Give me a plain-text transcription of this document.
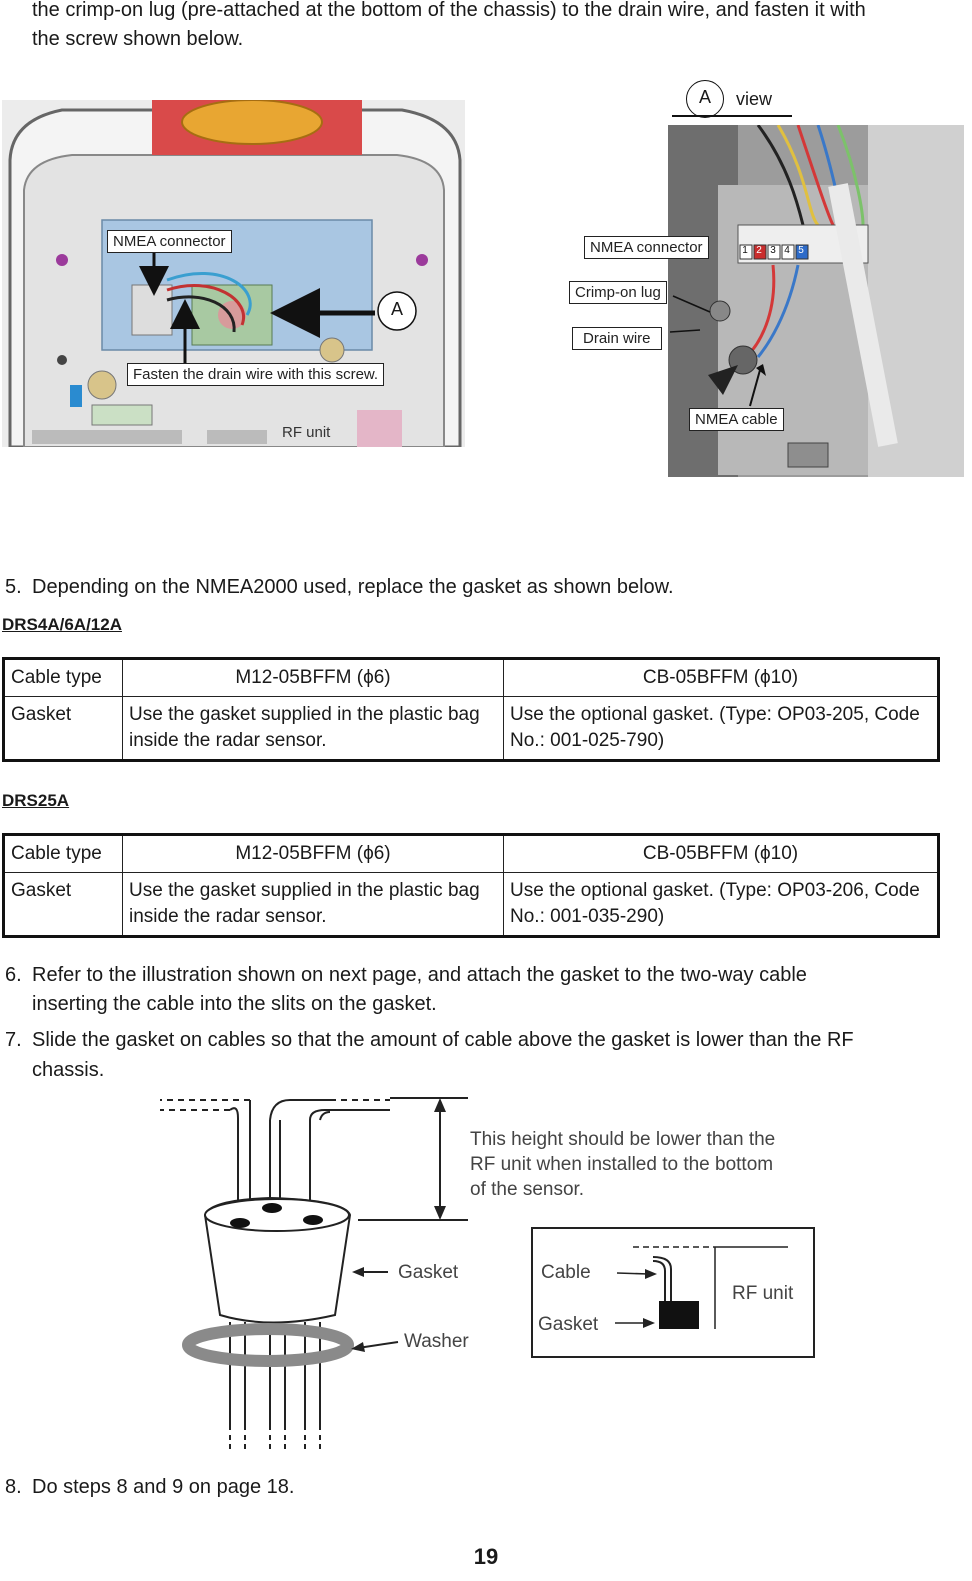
the crimp-on lug (pre-attached at the bottom of the chassis) to the drain wire, and fasten it with
the screw shown below.
NMEA connector
Fasten the drain wire with this screw.
RF unit
A
A	view
1 2 3 4 5
NMEA connector
Crimp-on lug
Drain wire
NMEA cable
5. Depending on the NMEA2000 used, replace the gasket as shown below.
DRS4A/6A/12A
Cable type	M12-05BFFM (ϕ6)	CB-05BFFM (ϕ10)
Gasket	Use the gasket supplied in the plastic bag inside the radar sensor.	Use the optional gasket. (Type: OP03-205, Code No.: 001-025-790)
DRS25A
Cable type	M12-05BFFM (ϕ6)	CB-05BFFM (ϕ10)
Gasket	Use the gasket supplied in the plastic bag inside the radar sensor.	Use the optional gasket. (Type: OP03-206, Code No.: 001-035-290)
6. Refer to the illustration shown on next page, and attach the gasket to the two-way cable
inserting the cable into the slits on the gasket.
7. Slide the gasket on cables so that the amount of cable above the gasket is lower than the RF
chassis.
This height should be lower than the
RF unit when installed to the bottom
of the sensor.
Gasket
Washer
Cable
Gasket
RF unit
8. Do steps 8 and 9 on page 18.
19
